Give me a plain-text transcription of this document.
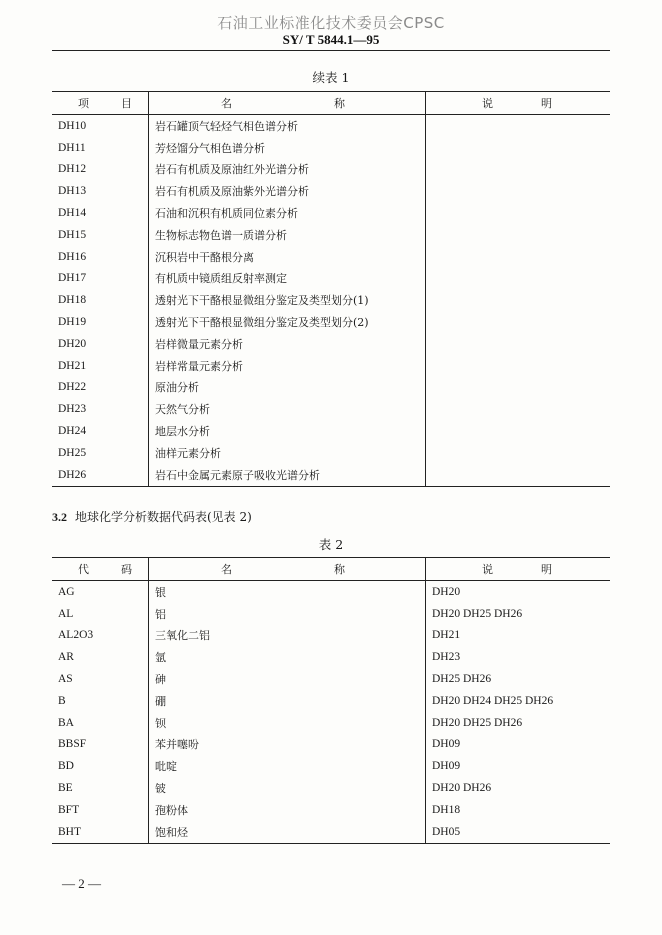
石油工业标准化技术委员会CPSC
SY/ T 5844.1—95
续表 1
项 目	名 称	说 明

DH10	岩石罐顶气轻烃气相色谱分析	
DH11	芳烃馏分气相色谱分析	
DH12	岩石有机质及原油红外光谱分析	
DH13	岩石有机质及原油紫外光谱分析	
DH14	石油和沉积有机质同位素分析	
DH15	生物标志物色谱一质谱分析	
DH16	沉积岩中干酪根分离	
DH17	有机质中镜质组反射率测定	
DH18	透射光下干酪根显微组分鉴定及类型划分(1)	
DH19	透射光下干酪根显微组分鉴定及类型划分(2)	
DH20	岩样微量元素分析	
DH21	岩样常量元素分析	
DH22	原油分析	
DH23	天然气分析	
DH24	地层水分析	
DH25	油样元素分析	
DH26	岩石中金属元素原子吸收光谱分析	
3.2 地球化学分析数据代码表(见表 2)
表 2
代 码	名 称	说 明

AG	银	DH20
AL	铝	DH20 DH25 DH26
AL2O3	三氧化二铝	DH21
AR	氩	DH23
AS	砷	DH25 DH26
B	硼	DH20 DH24 DH25 DH26
BA	钡	DH20 DH25 DH26
BBSF	苯并噻吩	DH09
BD	吡啶	DH09
BE	铍	DH20 DH26
BFT	孢粉体	DH18
BHT	饱和烃	DH05
— 2 —
